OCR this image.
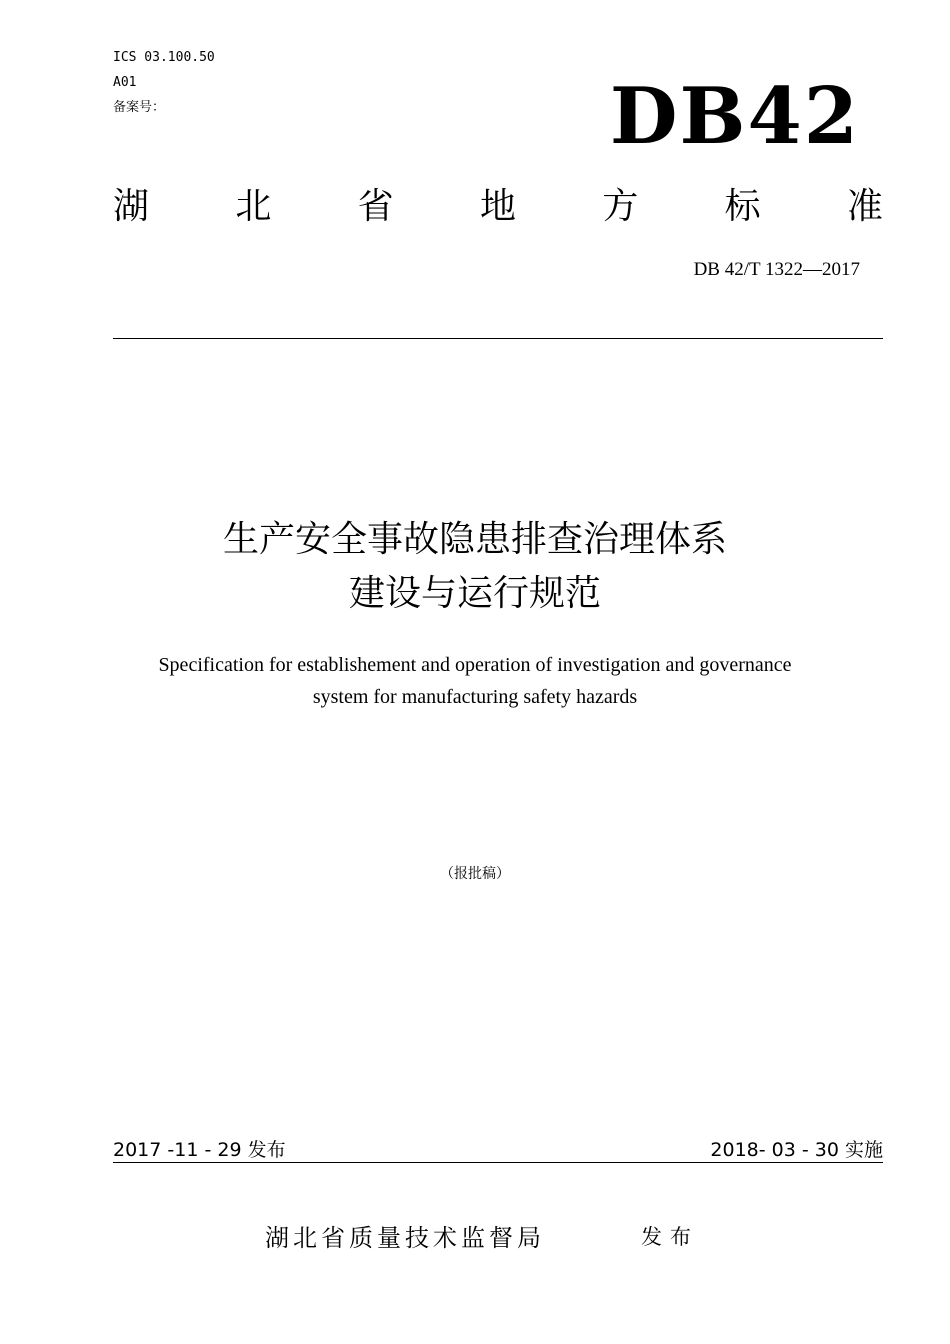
ICS 03.100.50
A01
备案号：	DB42
湖 北 省 地 方 标 准
DB 42/T 1322—2017
生产安全事故隐患排查治理体系
建设与运行规范
Specification for establishement and operation of investigation and governance
system for manufacturing safety hazards
（报批稿）
2017 -11 - 29 发布	2018- 03 - 30 实施
湖北省质量技术监督局	发布
